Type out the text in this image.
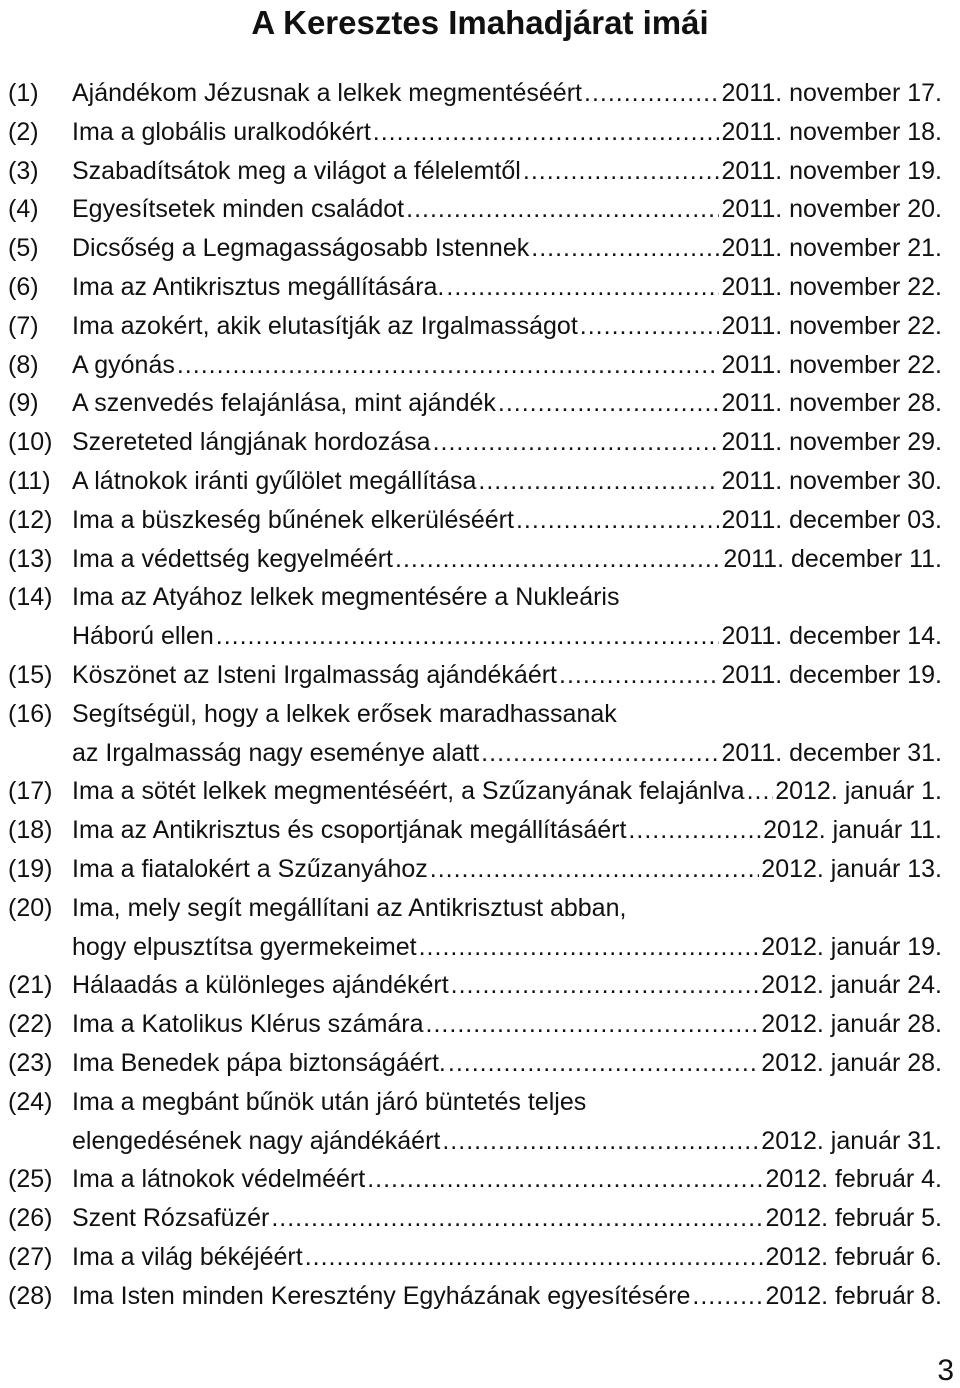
A Keresztes Imahadjárat imái
(1)	Ajándékom Jézusnak a lelkek megmentéséért .....	2011. november 17.
(2)	Ima a globális uralkodókért .....	2011. november 18.
(3)	Szabadítsátok meg a világot a félelemtől .....	2011. november 19.
(4)	Egyesítsetek minden családot .....	2011. november 20.
(5)	Dicsőség a Legmagasságosabb Istennek .....	2011. november 21.
(6)	Ima az Antikrisztus megállítására. .....	2011. november 22.
(7)	Ima azokért, akik elutasítják az Irgalmasságot .....	2011. november 22.
(8)	A gyónás .....	2011. november 22.
(9)	A szenvedés felajánlása, mint ajándék .....	2011. november 28.
(10) Szereteted lángjának hordozása .....	2011. november 29.
(11) A látnokok iránti gyűlölet megállítása .....	2011. november 30.
(12) Ima a büszkeség bűnének elkerüléséért .....	2011. december 03.
(13) Ima a védettség kegyelméért .....	2011. december 11.
(14) Ima az Atyához lelkek megmentésére a Nukleáris
Háború ellen .....	2011. december 14.
(15) Köszönet az Isteni Irgalmasság ajándékáért .....	2011. december 19.
(16) Segítségül, hogy a lelkek erősek maradhassanak
az Irgalmasság nagy eseménye alatt .....	2011. december 31.
(17) Ima a sötét lelkek megmentéséért, a Szűzanyának felajánlva ..... 2012. január 1.
(18) Ima az Antikrisztus és csoportjának megállításáért .....	2012. január 11.
(19) Ima a fiatalokért a Szűzanyához .....	2012. január 13.
(20) Ima, mely segít megállítani az Antikrisztust abban,
hogy elpusztítsa gyermekeimet .....	2012. január 19.
(21) Hálaadás a különleges ajándékért .....	2012. január 24.
(22) Ima a Katolikus Klérus számára .....	2012. január 28.
(23) Ima Benedek pápa biztonságáért. .....	2012. január 28.
(24) Ima a megbánt bűnök után járó büntetés teljes
elengedésének nagy ajándékáért .....	2012. január 31.
(25) Ima a látnokok védelméért .....	2012. február 4.
(26) Szent Rózsafüzér .....	2012. február 5.
(27) Ima a világ békéjéért .....	2012. február 6.
(28) Ima Isten minden Keresztény Egyházának egyesítésére .....	2012. február 8.
3
